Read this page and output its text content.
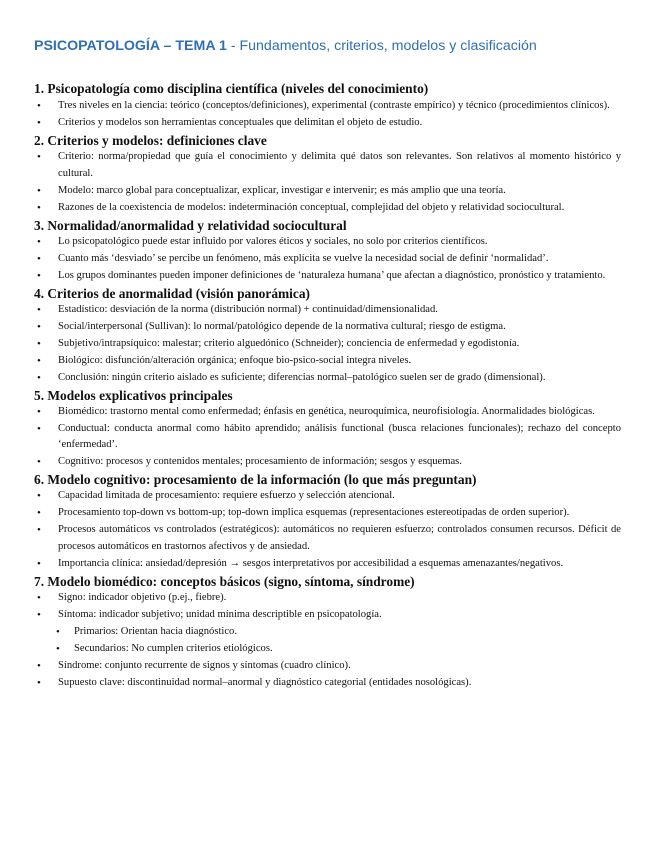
PSICOPATOLOGÍA – TEMA 1 - Fundamentos, criterios, modelos y clasificación
1. Psicopatología como disciplina científica (niveles del conocimiento)
• Tres niveles en la ciencia: teórico (conceptos/definiciones), experimental (contraste empírico) y técnico (procedimientos clínicos).
• Criterios y modelos son herramientas conceptuales que delimitan el objeto de estudio.
2. Criterios y modelos: definiciones clave
• Criterio: norma/propiedad que guía el conocimiento y delimita qué datos son relevantes. Son relativos al momento histórico y cultural.
• Modelo: marco global para conceptualizar, explicar, investigar e intervenir; es más amplio que una teoría.
• Razones de la coexistencia de modelos: indeterminación conceptual, complejidad del objeto y relatividad sociocultural.
3. Normalidad/anormalidad y relatividad sociocultural
• Lo psicopatológico puede estar influido por valores éticos y sociales, no solo por criterios científicos.
• Cuanto más ‘desviado’ se percibe un fenómeno, más explícita se vuelve la necesidad social de definir ‘normalidad’.
• Los grupos dominantes pueden imponer definiciones de ‘naturaleza humana’ que afectan a diagnóstico, pronóstico y tratamiento.
4. Criterios de anormalidad (visión panorámica)
• Estadístico: desviación de la norma (distribución normal) + continuidad/dimensionalidad.
• Social/interpersonal (Sullivan): lo normal/patológico depende de la normativa cultural; riesgo de estigma.
• Subjetivo/intrapsíquico: malestar; criterio alguedónico (Schneider); conciencia de enfermedad y egodistonía.
• Biológico: disfunción/alteración orgánica; enfoque bio-psico-social integra niveles.
• Conclusión: ningún criterio aislado es suficiente; diferencias normal–patológico suelen ser de grado (dimensional).
5. Modelos explicativos principales
• Biomédico: trastorno mental como enfermedad; énfasis en genética, neuroquímica, neurofisiología. Anormalidades biológicas.
• Conductual: conducta anormal como hábito aprendido; análisis functional (busca relaciones funcionales); rechazo del concepto ‘enfermedad’.
• Cognitivo: procesos y contenidos mentales; procesamiento de información; sesgos y esquemas.
6. Modelo cognitivo: procesamiento de la información (lo que más preguntan)
• Capacidad limitada de procesamiento: requiere esfuerzo y selección atencional.
• Procesamiento top-down vs bottom-up; top-down implica esquemas (representaciones estereotipadas de orden superior).
• Procesos automáticos vs controlados (estratégicos): automáticos no requieren esfuerzo; controlados consumen recursos. Déficit de procesos automáticos en trastornos afectivos y de ansiedad.
• Importancia clínica: ansiedad/depresión → sesgos interpretativos por accesibilidad a esquemas amenazantes/negativos.
7. Modelo biomédico: conceptos básicos (signo, síntoma, síndrome)
• Signo: indicador objetivo (p.ej., fiebre).
• Síntoma: indicador subjetivo; unidad mínima descriptible en psicopatología.
• Primarios: Orientan hacia diagnóstico.
• Secundarios: No cumplen criterios etiológicos.
• Síndrome: conjunto recurrente de signos y síntomas (cuadro clínico).
• Supuesto clave: discontinuidad normal–anormal y diagnóstico categorial (entidades nosológicas).
